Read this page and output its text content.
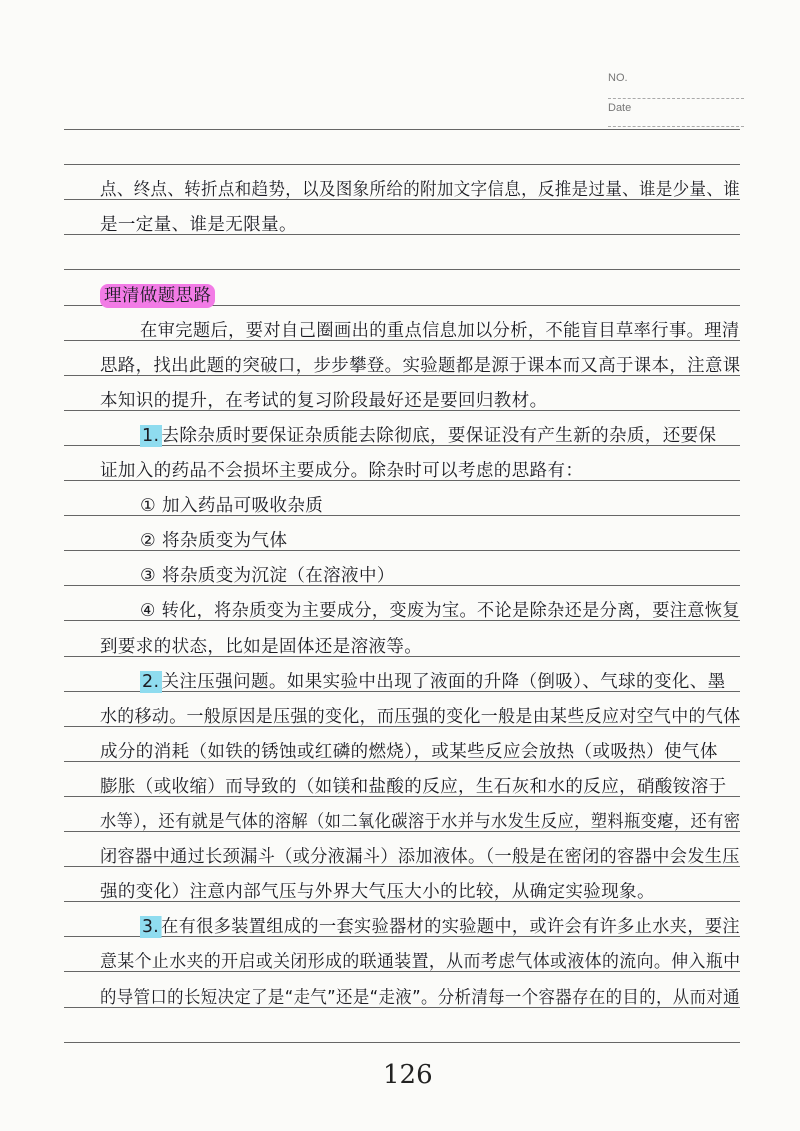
NO.
Date
点、终点、转折点和趋势，以及图象所给的附加文字信息，反推是过量、谁是少量、谁
是一定量、谁是无限量。
理清做题思路
在审完题后，要对自己圈画出的重点信息加以分析，不能盲目草率行事。理清
思路，找出此题的突破口，步步攀登。实验题都是源于课本而又高于课本，注意课
本知识的提升，在考试的复习阶段最好还是要回归教材。
1. 去除杂质时要保证杂质能去除彻底，要保证没有产生新的杂质，还要保
证加入的药品不会损坏主要成分。除杂时可以考虑的思路有：
① 加入药品可吸收杂质
② 将杂质变为气体
③ 将杂质变为沉淀（在溶液中）
④ 转化，将杂质变为主要成分，变废为宝。不论是除杂还是分离，要注意恢复
到要求的状态，比如是固体还是溶液等。
2. 关注压强问题。如果实验中出现了液面的升降（倒吸）、气球的变化、墨
水的移动。一般原因是压强的变化，而压强的变化一般是由某些反应对空气中的气体
成分的消耗（如铁的锈蚀或红磷的燃烧），或某些反应会放热（或吸热）使气体
膨胀（或收缩）而导致的（如镁和盐酸的反应，生石灰和水的反应，硝酸铵溶于
水等），还有就是气体的溶解（如二氧化碳溶于水并与水发生反应，塑料瓶变瘪，还有密
闭容器中通过长颈漏斗（或分液漏斗）添加液体。（一般是在密闭的容器中会发生压
强的变化）注意内部气压与外界大气压大小的比较，从确定实验现象。
3. 在有很多装置组成的一套实验器材的实验题中，或许会有许多止水夹，要注
意某个止水夹的开启或关闭形成的联通装置，从而考虑气体或液体的流向。伸入瓶中
的导管口的长短决定了是“走气”还是“走液”。分析清每一个容器存在的目的，从而对通
126
